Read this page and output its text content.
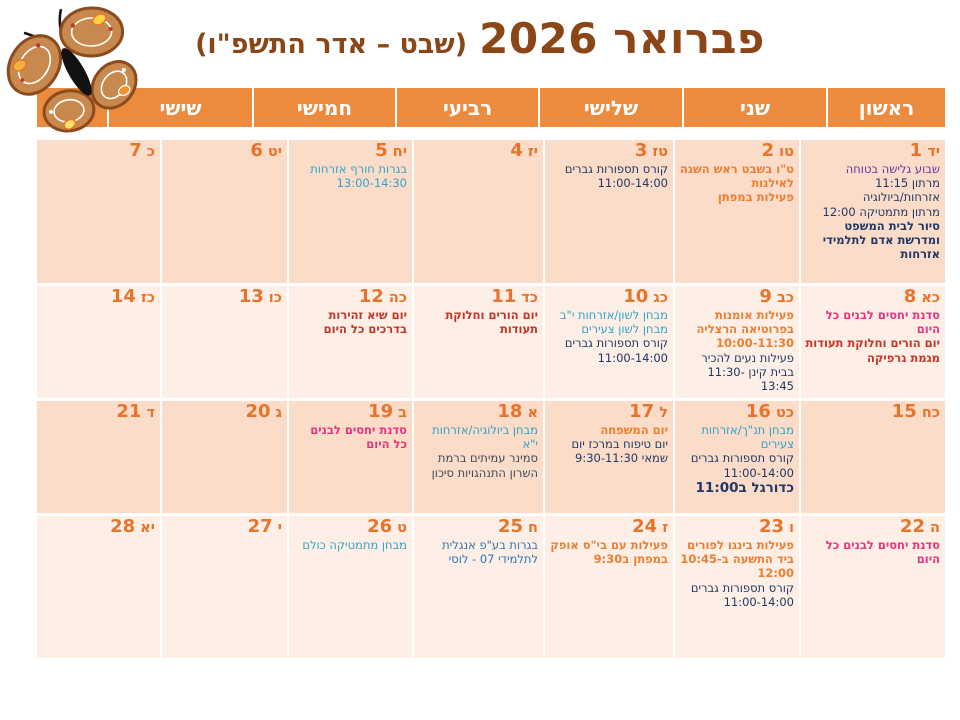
פברואר 2026
(שבט – אדר התשפ"ו)
ראשון
שני
שלישי
רביעי
חמישי
שישי
1 יד
שבוע גלישה בטוחה
11:15 מרתון אזרחות/ביולוגיה
12:00 מרתון מתמטיקה
סיור לבית המשפט ומדרשת אדם לתלמידי אזרחות
2 טו
ט"ו בשבט ראש השנה לאילנות
פעילות במפתן
3 טז
קורס תספורות גברים 11:00-14:00
4 יז
5 יח
בגרות חורף אזרחות 13:00-14:30
6 יט
7 כ
8 כא
סדנת יחסים לבנים כל היום
יום הורים וחלוקת תעודות מגמת גרפיקה
9 כב
פעילות אומנות בפרוטיאה הרצליה 10:00-11:30
פעילות נעים להכיר בבית קינן 11:30-13:45
10 כג
מבחן לשון/אזרחות י"ב
מבחן לשון צעירים
קורס תספורות גברים 11:00-14:00
11 כד
יום הורים וחלוקת תעודות
12 כה
יום שיא זהירות בדרכים כל היום
13 כו
14 כז
15 כח
16 כט
מבחן תנ"ך/אזרחות צעירים
קורס תספורות גברים 11:00-14:00
כדורגל ב11:00
17 ל
יום המשפחה
יום טיפוח במרכז יום שמאי 9:30-11:30
18 א
מבחן ביולוגיה/אזרחות י"א
סמינר עמיתים ברמת השרון התנהגויות סיכון
19 ב
סדנת יחסים לבנים כל היום
20 ג
21 ד
22 ה
סדנת יחסים לבנים כל היום
23 ו
פעילות בינגו לפורים ביד התשעה ב10:45-12:00
קורס תספורות גברים 11:00-14:00
24 ז
פעילות עם בי"ס אופק במפתן ב9:30
25 ח
בגרות בע"פ אנגלית לתלמידי 07 - לוסי
26 ט
מבחן מתמטיקה כולם
27 י
28 יא
